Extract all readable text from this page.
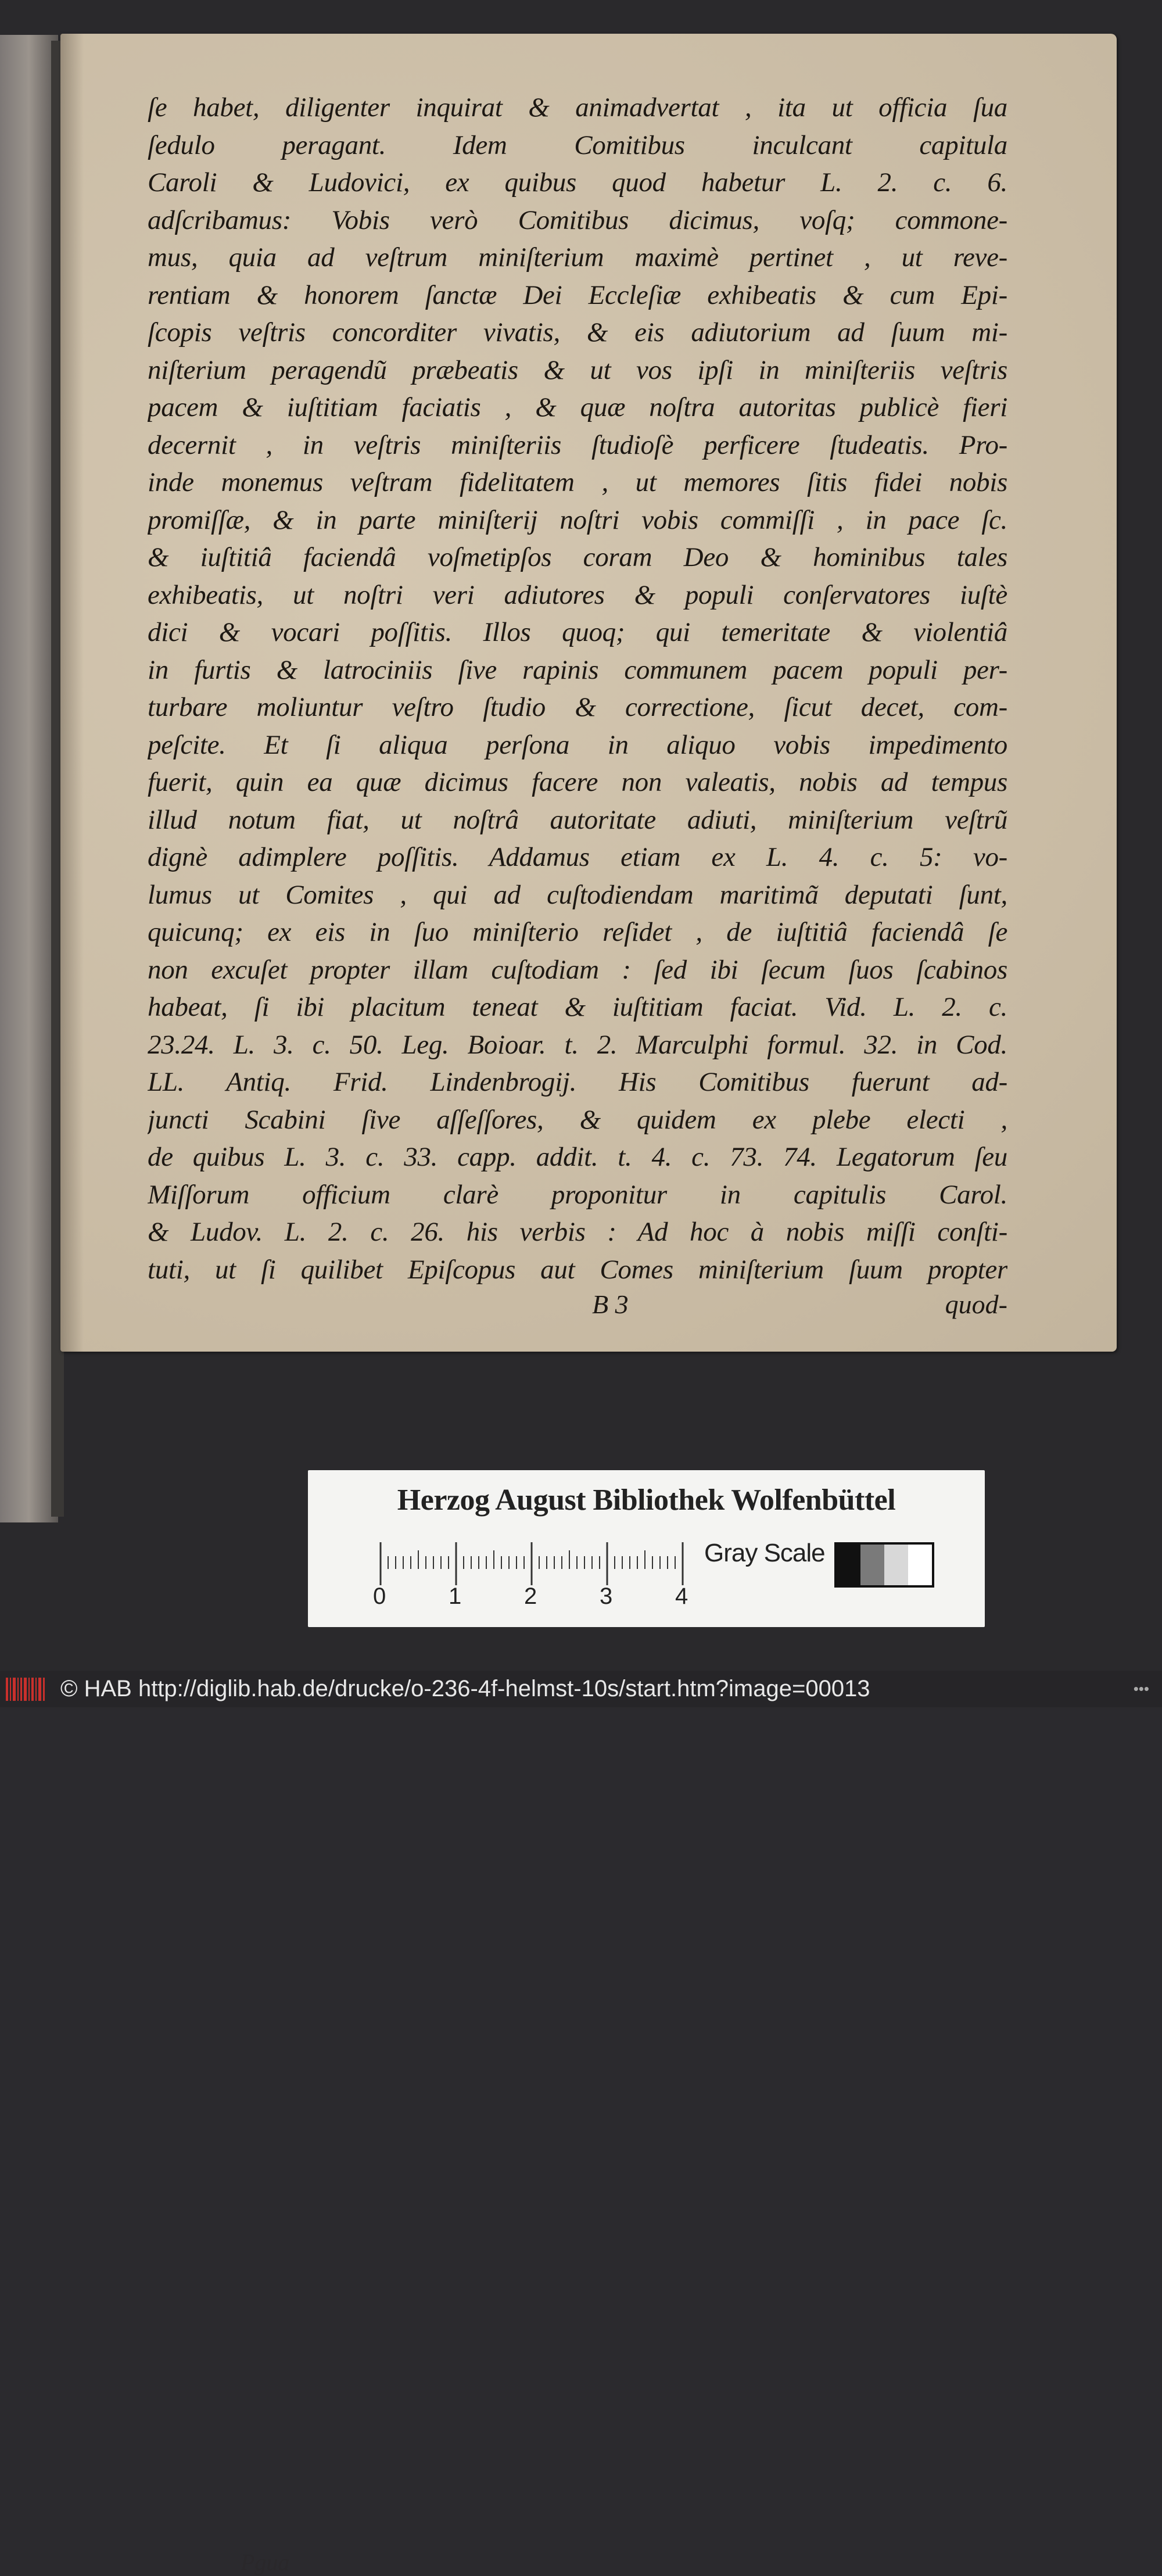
ſe habet, diligenter inquirat & animadvertat , ita ut officia ſua
ſedulo peragant. Idem Comitibus inculcant capitula
Caroli & Ludovici, ex quibus quod habetur L. 2. c. 6.
adſcribamus: Vobis verò Comitibus dicimus, voſq; commone-
mus, quia ad veſtrum miniſterium maximè pertinet , ut reve-
rentiam & honorem ſanctæ Dei Eccleſiæ exhibeatis & cum Epi-
ſcopis veſtris concorditer vivatis, & eis adiutorium ad ſuum mi-
niſterium peragendũ præbeatis & ut vos ipſi in miniſteriis veſtris
pacem & iuſtitiam faciatis , & quæ noſtra autoritas publicè fieri
decernit , in veſtris miniſteriis ſtudioſè perficere ſtudeatis. Pro-
inde monemus veſtram fidelitatem , ut memores ſitis fidei nobis
promiſſæ, & in parte miniſterij noſtri vobis commiſſi , in pace ſc.
& iuſtitiâ faciendâ voſmetipſos coram Deo & hominibus tales
exhibeatis, ut noſtri veri adiutores & populi conſervatores iuſtè
dici & vocari poſſitis. Illos quoq; qui temeritate & violentiâ
in furtis & latrociniis ſive rapinis communem pacem populi per-
turbare moliuntur veſtro ſtudio & correctione, ſicut decet, com-
peſcite. Et ſi aliqua perſona in aliquo vobis impedimento
fuerit, quin ea quæ dicimus facere non valeatis, nobis ad tempus
illud notum fiat, ut noſtrâ autoritate adiuti, miniſterium veſtrũ
dignè adimplere poſſitis. Addamus etiam ex L. 4. c. 5: vo-
lumus ut Comites , qui ad cuſtodiendam maritimã deputati ſunt,
quicunq; ex eis in ſuo miniſterio reſidet , de iuſtitiâ faciendâ ſe
non excuſet propter illam cuſtodiam : ſed ibi ſecum ſuos ſcabinos
habeat, ſi ibi placitum teneat & iuſtitiam faciat. Vid. L. 2. c.
23.24. L. 3. c. 50. Leg. Boioar. t. 2. Marculphi formul. 32. in Cod.
LL. Antiq. Frid. Lindenbrogij. His Comitibus fuerunt ad-
juncti Scabini ſive aſſeſſores, & quidem ex plebe electi ,
de quibus L. 3. c. 33. capp. addit. t. 4. c. 73. 74. Legatorum ſeu
Miſſorum officium clarè proponitur in capitulis Carol.
& Ludov. L. 2. c. 26. his verbis : Ad hoc à nobis miſſi conſti-
tuti, ut ſi quilibet Epiſcopus aut Comes miniſterium ſuum propter
Pgua
B 3	quod-
Herzog August Bibliothek Wolfenbüttel
0	1	2	3	4
Gray Scale
© HAB http://diglib.hab.de/drucke/o-236-4f-helmst-10s/start.htm?image=00013	•••
